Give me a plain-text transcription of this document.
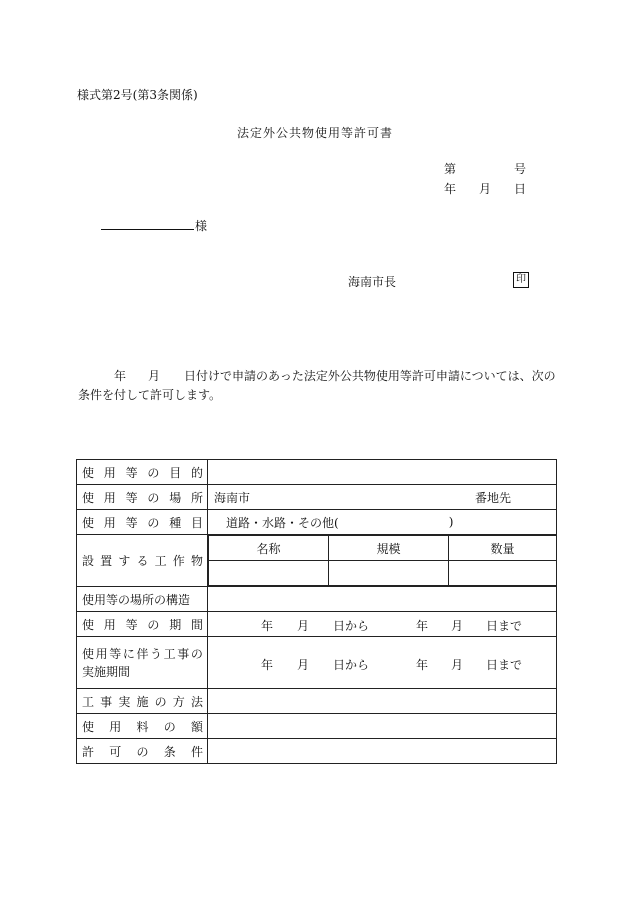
様式第2号(第3条関係)
法定外公共物使用等許可書
第	号
年 月 日
様
海南市長	印
年 月 日付けで申請のあった法定外公共物使用等許可申請については、次の
条件を付して許可します。
使 用 等 の 目 的

使 用 等 の 場 所	海南市	番地先

使 用 等 の 種 目	道路・水路・その他(	)

設 置 す る 工 作 物

名称	規模	数量

使用等の場所の構造	

使 用 等 の 期 間	年 月 日から	年 月 日まで

使 用 等 に 伴 う 工 事 の
実施期間	年 月 日から	年 月 日まで

工 事 実 施 の 方 法

使 用 料 の 額

許 可 の 条 件
